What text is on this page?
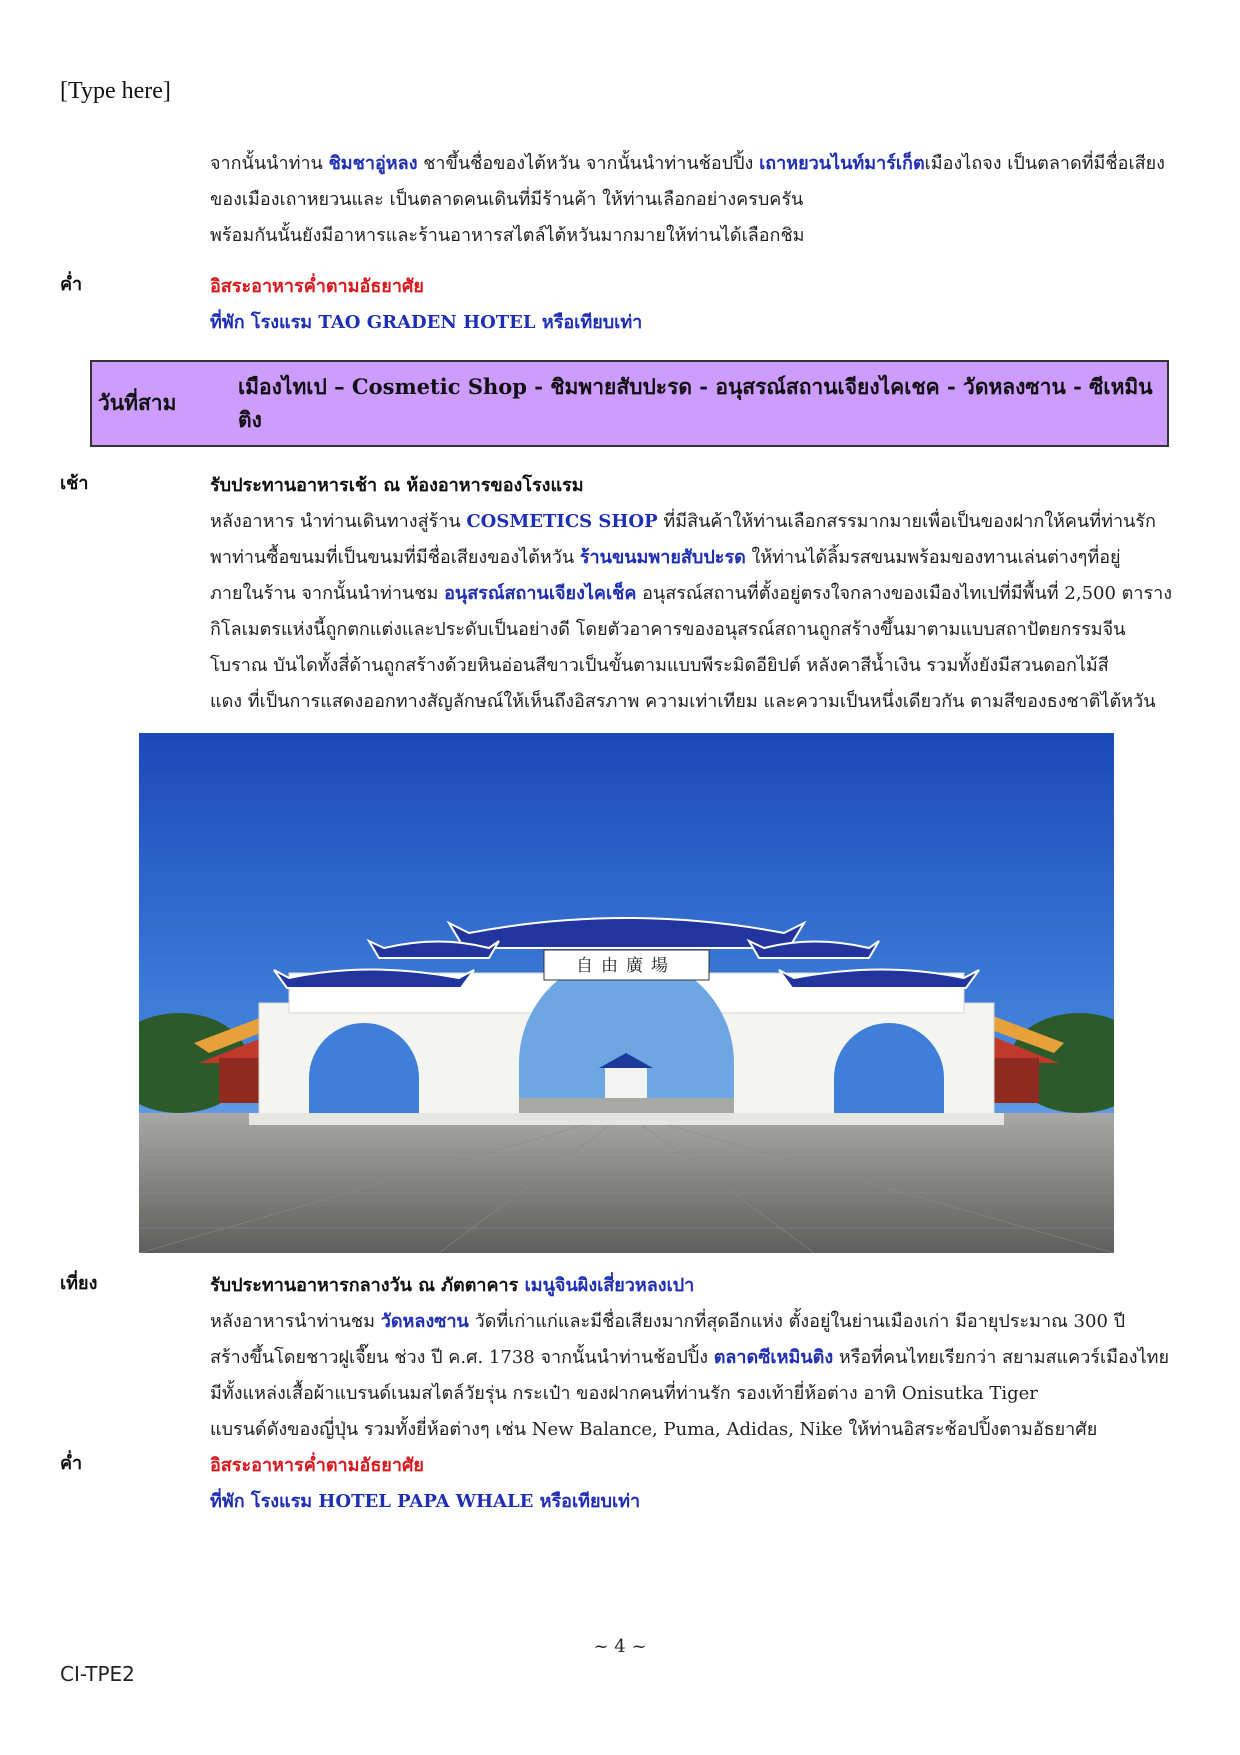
[Type here]

จากนั้นนำท่าน ชิมชาอู่หลง ชาขึ้นชื่อของไต้หวัน จากนั้นนำท่านช้อปปิ้ง เถาหยวนไนท์มาร์เก็ตเมืองไถจง เป็นตลาดที่มีชื่อเสียง

ของเมืองเถาหยวนและ เป็นตลาดคนเดินที่มีร้านค้า ให้ท่านเลือกอย่างครบครัน

พร้อมกันนั้นยังมีอาหารและร้านอาหารสไตล์ไต้หวันมากมายให้ท่านได้เลือกชิม

ค่ำ	อิสระอาหารค่ำตามอัธยาศัย

ที่พัก โรงแรม TAO GRADEN HOTEL หรือเทียบเท่า

วันที่สาม
เมืองไทเป – Cosmetic Shop - ชิมพายสับปะรด - อนุสรณ์สถานเจียงไคเชค - วัดหลงซาน - ซีเหมินติง
เช้า	รับประทานอาหารเช้า ณ ห้องอาหารของโรงแรม

หลังอาหาร นำท่านเดินทางสู่ร้าน COSMETICS SHOP ที่มีสินค้าให้ท่านเลือกสรรมากมายเพื่อเป็นของฝากให้คนที่ท่านรัก

พาท่านซื้อขนมที่เป็นขนมที่มีชื่อเสียงของไต้หวัน ร้านขนมพายสับปะรด ให้ท่านได้ลิ้มรสขนมพร้อมของทานเล่นต่างๆที่อยู่

ภายในร้าน จากนั้นนำท่านชม อนุสรณ์สถานเจียงไคเช็ค อนุสรณ์สถานที่ตั้งอยู่ตรงใจกลางของเมืองไทเปที่มีพื้นที่ 2,500 ตาราง

กิโลเมตรแห่งนี้ถูกตกแต่งและประดับเป็นอย่างดี โดยตัวอาคารของอนุสรณ์สถานถูกสร้างขึ้นมาตามแบบสถาปัตยกรรมจีน

โบราณ บันไดทั้งสี่ด้านถูกสร้างด้วยหินอ่อนสีขาวเป็นขั้นตามแบบพีระมิดอียิปต์ หลังคาสีน้ำเงิน รวมทั้งยังมีสวนดอกไม้สี

แดง ที่เป็นการแสดงออกทางสัญลักษณ์ให้เห็นถึงอิสรภาพ ความเท่าเทียม และความเป็นหนึ่งเดียวกัน ตามสีของธงชาติไต้หวัน

自由廣場
เที่ยง	รับประทานอาหารกลางวัน ณ ภัตตาคาร เมนูจินผิงเสี่ยวหลงเปา

หลังอาหารนำท่านชม วัดหลงซาน วัดที่เก่าแก่และมีชื่อเสียงมากที่สุดอีกแห่ง ตั้งอยู่ในย่านเมืองเก่า มีอายุประมาณ 300 ปี

สร้างขึ้นโดยชาวฝูเจี๊ยน ช่วง ปี ค.ศ. 1738 จากนั้นนำท่านช้อปปิ้ง ตลาดซีเหมินติง หรือที่คนไทยเรียกว่า สยามสแควร์เมืองไทย

มีทั้งแหล่งเสื้อผ้าแบรนด์เนมสไตล์วัยรุ่น กระเป๋า ของฝากคนที่ท่านรัก รองเท้ายี่ห้อต่าง อาทิ Onisutka Tiger

แบรนด์ดังของญี่ปุ่น รวมทั้งยี่ห้อต่างๆ เช่น New Balance, Puma, Adidas, Nike ให้ท่านอิสระช้อปปิ้งตามอัธยาศัย

ค่ำ	อิสระอาหารค่ำตามอัธยาศัย

ที่พัก โรงแรม HOTEL PAPA WHALE หรือเทียบเท่า

~ 4 ~
CI-TPE2
